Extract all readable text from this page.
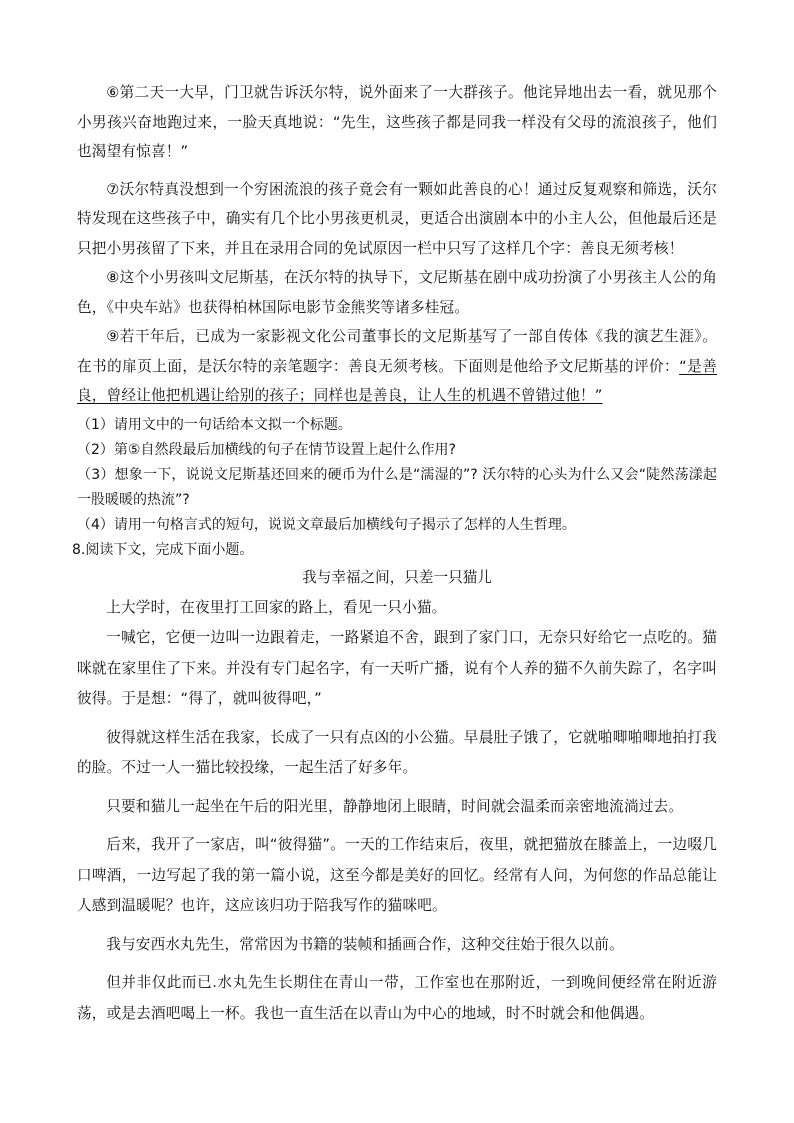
⑥第二天一大早，门卫就告诉沃尔特，说外面来了一大群孩子。他诧异地出去一看，就见那个小男孩兴奋地跑过来，一脸天真地说：“先生，这些孩子都是同我一样没有父母的流浪孩子，他们也渴望有惊喜！”

⑦沃尔特真没想到一个穷困流浪的孩子竟会有一颗如此善良的心！通过反复观察和筛选，沃尔特发现在这些孩子中，确实有几个比小男孩更机灵，更适合出演剧本中的小主人公，但他最后还是只把小男孩留了下来，并且在录用合同的免试原因一栏中只写了这样几个字：善良无须考核！

⑧这个小男孩叫文尼斯基，在沃尔特的执导下，文尼斯基在剧中成功扮演了小男孩主人公的角色，《中央车站》也获得柏林国际电影节金熊奖等诸多桂冠。

⑨若干年后，已成为一家影视文化公司董事长的文尼斯基写了一部自传体《我的演艺生涯》。在书的扉页上面，是沃尔特的亲笔题字：善良无须考核。下面则是他给予文尼斯基的评价：“是善良，曾经让他把机遇让给别的孩子；同样也是善良，让人生的机遇不曾错过他！”

（1）请用文中的一句话给本文拟一个标题。

（2）第⑤自然段最后加横线的句子在情节设置上起什么作用?

（3）想象一下，说说文尼斯基还回来的硬币为什么是“濡湿的”? 沃尔特的心头为什么又会“陡然荡漾起一股暖暖的热流”?

（4）请用一句格言式的短句，说说文章最后加横线句子揭示了怎样的人生哲理。

8.阅读下文，完成下面小题。

我与幸福之间，只差一只猫儿

上大学时，在夜里打工回家的路上，看见一只小猫。

一喊它，它便一边叫一边跟着走，一路紧追不舍，跟到了家门口，无奈只好给它一点吃的。猫咪就在家里住了下来。并没有专门起名字，有一天听广播，说有个人养的猫不久前失踪了，名字叫彼得。于是想：“得了，就叫彼得吧，”

彼得就这样生活在我家，长成了一只有点凶的小公猫。早晨肚子饿了，它就啪唧啪唧地拍打我的脸。不过一人一猫比较投缘，一起生活了好多年。

只要和猫儿一起坐在午后的阳光里，静静地闭上眼睛，时间就会温柔而亲密地流淌过去。

后来，我开了一家店，叫“彼得猫”。一天的工作结束后，夜里，就把猫放在膝盖上，一边啜几口啤酒，一边写起了我的第一篇小说，这至今都是美好的回忆。经常有人问，为何您的作品总能让人感到温暖呢？也许，这应该归功于陪我写作的猫咪吧。

我与安西水丸先生，常常因为书籍的装帧和插画合作，这种交往始于很久以前。

但并非仅此而已.水丸先生长期住在青山一带，工作室也在那附近，一到晚间便经常在附近游荡，或是去酒吧喝上一杯。我也一直生活在以青山为中心的地域，时不时就会和他偶遇。
